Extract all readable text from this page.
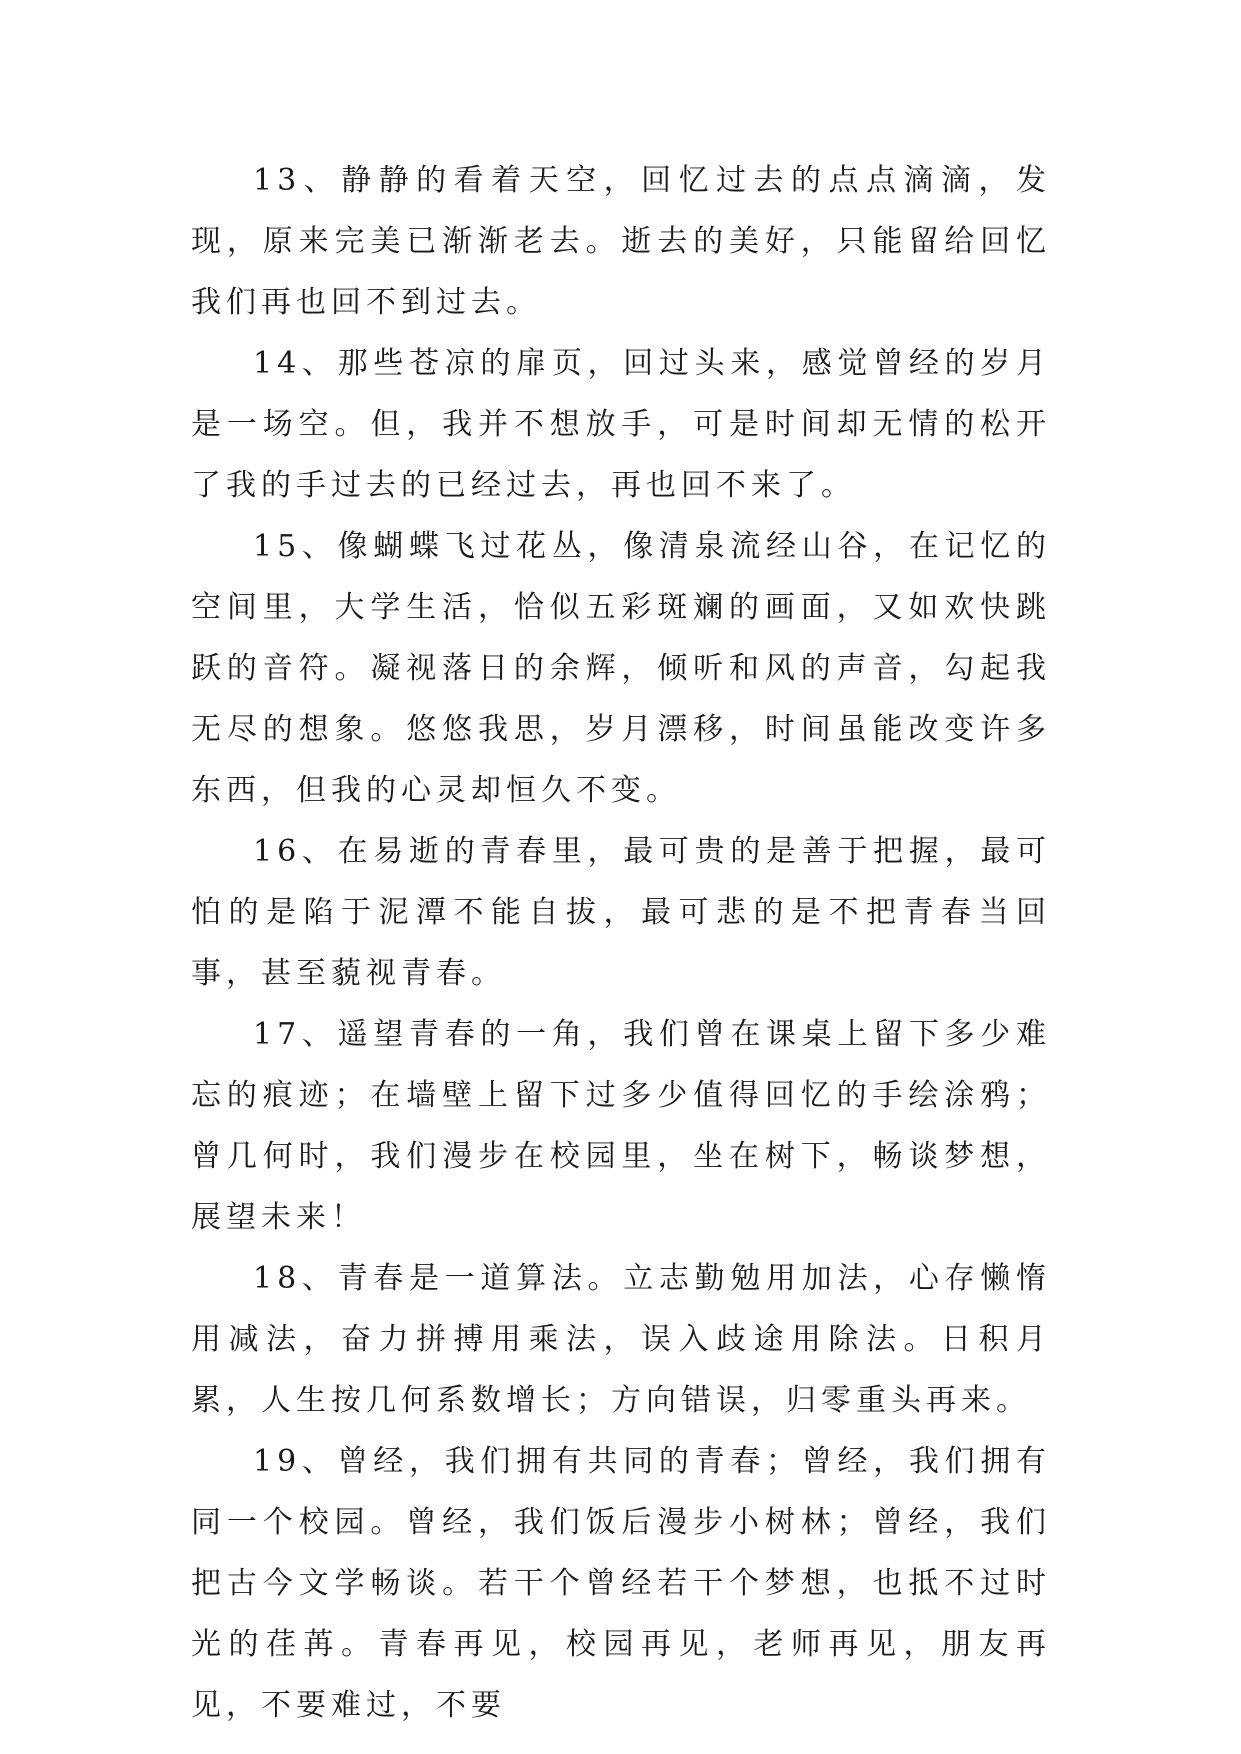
13、静静的看着天空，回忆过去的点点滴滴，发现，原来完美已渐渐老去。逝去的美好，只能留给回忆我们再也回不到过去。

14、那些苍凉的扉页，回过头来，感觉曾经的岁月是一场空。但，我并不想放手，可是时间却无情的松开了我的手过去的已经过去，再也回不来了。

15、像蝴蝶飞过花丛，像清泉流经山谷，在记忆的空间里，大学生活，恰似五彩斑斓的画面，又如欢快跳跃的音符。凝视落日的余辉，倾听和风的声音，勾起我无尽的想象。悠悠我思，岁月漂移，时间虽能改变许多东西，但我的心灵却恒久不变。

16、在易逝的青春里，最可贵的是善于把握，最可怕的是陷于泥潭不能自拔，最可悲的是不把青春当回事，甚至藐视青春。

17、遥望青春的一角，我们曾在课桌上留下多少难忘的痕迹；在墙壁上留下过多少值得回忆的手绘涂鸦；曾几何时，我们漫步在校园里，坐在树下，畅谈梦想，展望未来！

18、青春是一道算法。立志勤勉用加法，心存懒惰用减法，奋力拼搏用乘法，误入歧途用除法。日积月累，人生按几何系数增长；方向错误，归零重头再来。

19、曾经，我们拥有共同的青春；曾经，我们拥有同一个校园。曾经，我们饭后漫步小树林；曾经，我们把古今文学畅谈。若干个曾经若干个梦想，也抵不过时光的荏苒。青春再见，校园再见，老师再见，朋友再见，不要难过，不要
